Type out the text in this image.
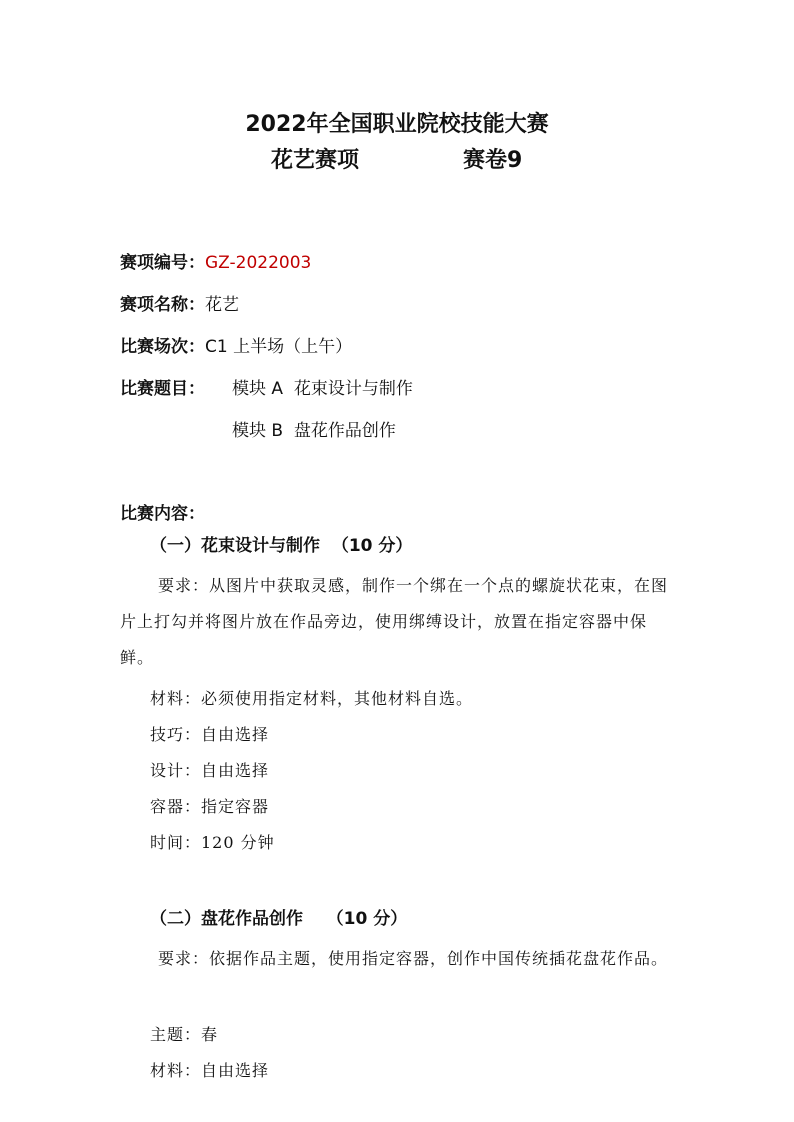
2022年全国职业院校技能大赛
花艺赛项	赛卷9
赛项编号：GZ-2022003
赛项名称：花艺
比赛场次：C1 上半场（上午）
比赛题目： 模块 A  花束设计与制作
模块 B  盘花作品创作
比赛内容：
（一）花束设计与制作  （10 分）
要求：从图片中获取灵感，制作一个绑在一个点的螺旋状花束，在图片上打勾并将图片放在作品旁边，使用绑缚设计，放置在指定容器中保鲜。
材料：必须使用指定材料，其他材料自选。
技巧：自由选择
设计：自由选择
容器：指定容器
时间：120 分钟
（二）盘花作品创作    （10 分）
要求：依据作品主题，使用指定容器，创作中国传统插花盘花作品。
主题：春
材料：自由选择
